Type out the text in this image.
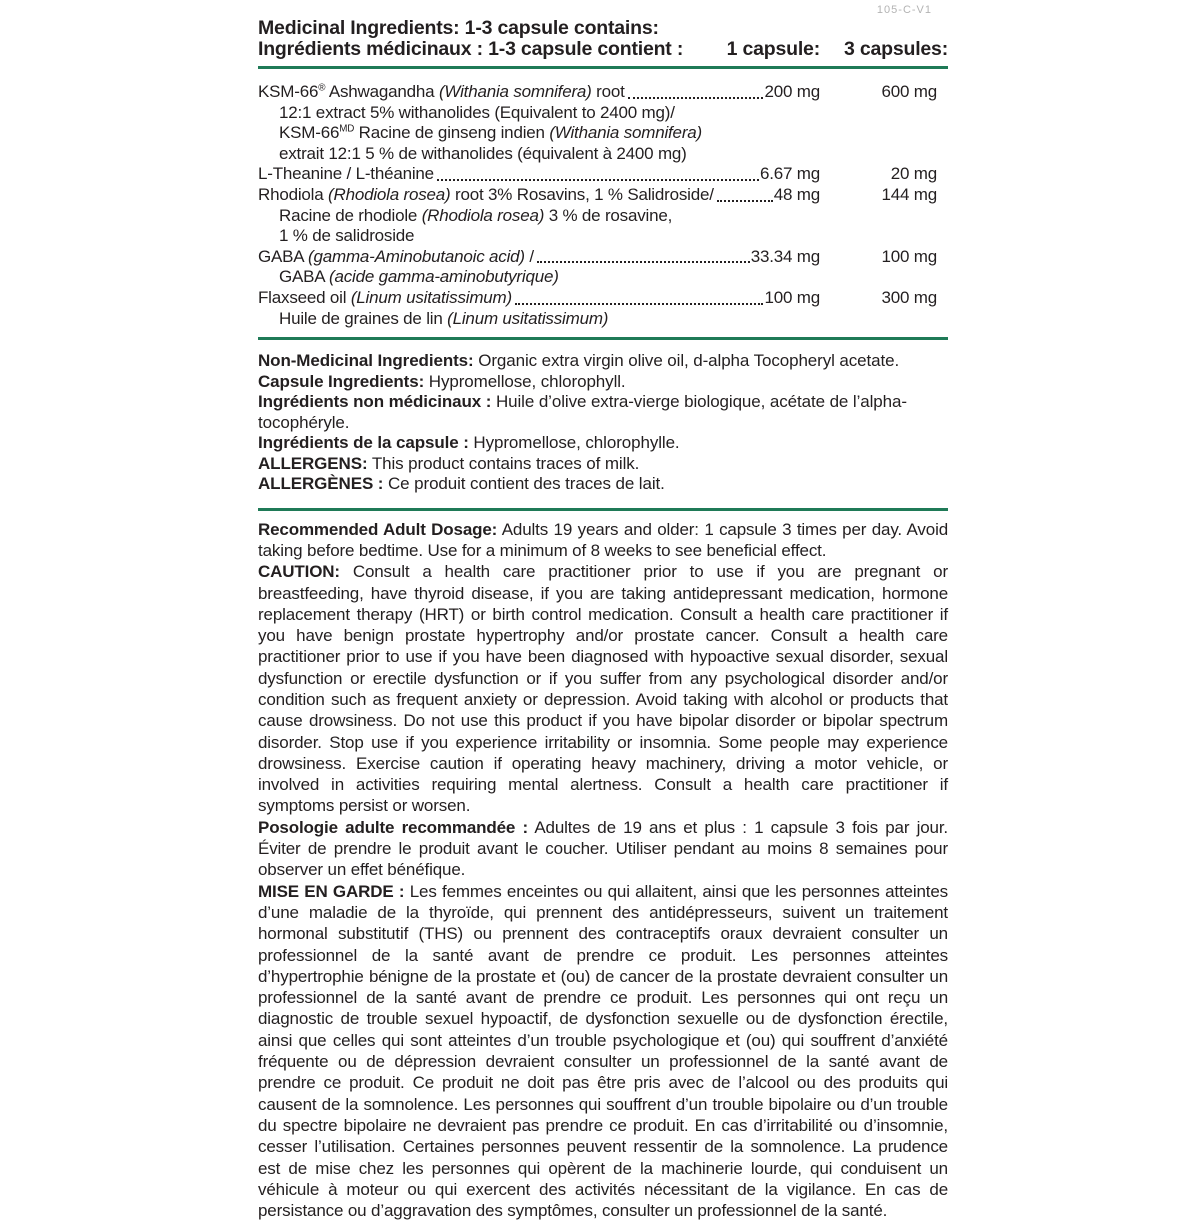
105-C-V1
Medicinal Ingredients: 1-3 capsule contains:
Ingrédients médicinaux : 1-3 capsule contient : 1 capsule:	3 capsules:
KSM-66® Ashwagandha (Withania somnifera) root	200 mg	600 mg
12:1 extract 5% withanolides (Equivalent to 2400 mg)/
KSM-$66^{MD}$ Racine de ginseng indien (Withania somnifera)
extrait 12:1 5 % de withanolides (équivalent à 2400 mg)
L-Theanine / L-théanine	6.67 mg	20 mg
Rhodiola (Rhodiola rosea) root 3% Rosavins, 1 % Salidroside/	48 mg	144 mg
Racine de rhodiole (Rhodiola rosea) 3 % de rosavine,
1 % de salidroside
GABA (gamma-Aminobutanoic acid) /	33.34 mg	100 mg
GABA (acide gamma-aminobutyrique)
Flaxseed oil (Linum usitatissimum)	100 mg	300 mg
Huile de graines de lin (Linum usitatissimum)

Non-Medicinal Ingredients: Organic extra virgin olive oil, d-alpha Tocopheryl acetate.

Capsule Ingredients: Hypromellose, chlorophyll.

Ingrédients non médicinaux : Huile d’olive extra-vierge biologique, acétate de l’alpha-tocophéryle.

Ingrédients de la capsule : Hypromellose, chlorophylle.

ALLERGENS: This product contains traces of milk.

ALLERGÈNES : Ce produit contient des traces de lait.

Recommended Adult Dosage: Adults 19 years and older: 1 capsule 3 times per day. Avoid taking before bedtime. Use for a minimum of 8 weeks to see beneficial effect.

CAUTION: Consult a health care practitioner prior to use if you are pregnant or breastfeeding, have thyroid disease, if you are taking antidepressant medication, hormone replacement therapy (HRT) or birth control medication. Consult a health care practitioner if you have benign prostate hypertrophy and/or prostate cancer. Consult a health care practitioner prior to use if you have been diagnosed with hypoactive sexual disorder, sexual dysfunction or erectile dysfunction or if you suffer from any psychological disorder and/or condition such as frequent anxiety or depression. Avoid taking with alcohol or products that cause drowsiness. Do not use this product if you have bipolar disorder or bipolar spectrum disorder. Stop use if you experience irritability or insomnia. Some people may experience drowsiness. Exercise caution if operating heavy machinery, driving a motor vehicle, or involved in activities requiring mental alertness. Consult a health care practitioner if symptoms persist or worsen.

Posologie adulte recommandée : Adultes de 19 ans et plus : 1 capsule 3 fois par jour. Éviter de prendre le produit avant le coucher. Utiliser pendant au moins 8 semaines pour observer un effet bénéfique.

MISE EN GARDE : Les femmes enceintes ou qui allaitent, ainsi que les personnes atteintes d’une maladie de la thyroïde, qui prennent des antidépresseurs, suivent un traitement hormonal substitutif (THS) ou prennent des contraceptifs oraux devraient consulter un professionnel de la santé avant de prendre ce produit. Les personnes atteintes d’hypertrophie bénigne de la prostate et (ou) de cancer de la prostate devraient consulter un professionnel de la santé avant de prendre ce produit. Les personnes qui ont reçu un diagnostic de trouble sexuel hypoactif, de dysfonction sexuelle ou de dysfonction érectile, ainsi que celles qui sont atteintes d’un trouble psychologique et (ou) qui souffrent d’anxiété fréquente ou de dépression devraient consulter un professionnel de la santé avant de prendre ce produit. Ce produit ne doit pas être pris avec de l’alcool ou des produits qui causent de la somnolence. Les personnes qui souffrent d’un trouble bipolaire ou d’un trouble du spectre bipolaire ne devraient pas prendre ce produit. En cas d’irritabilité ou d’insomnie, cesser l’utilisation. Certaines personnes peuvent ressentir de la somnolence. La prudence est de mise chez les personnes qui opèrent de la machinerie lourde, qui conduisent un véhicule à moteur ou qui exercent des activités nécessitant de la vigilance. En cas de persistance ou d’aggravation des symptômes, consulter un professionnel de la santé.
